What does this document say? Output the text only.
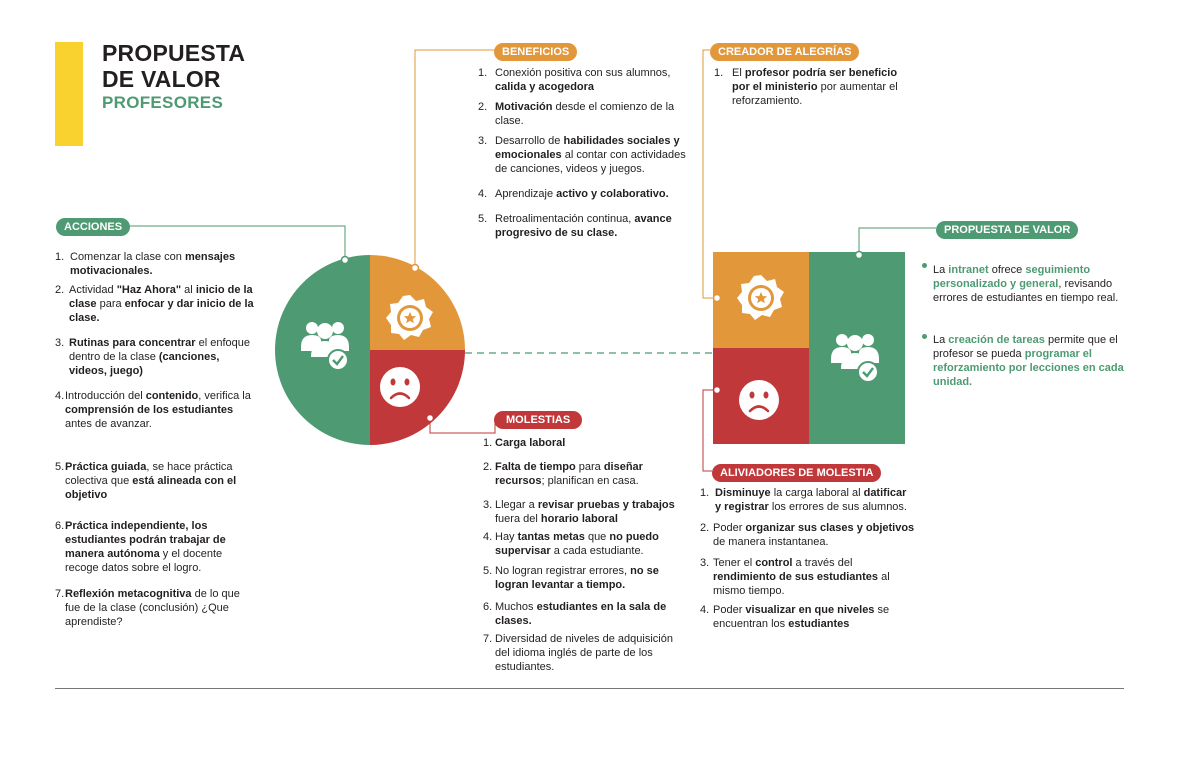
PROPUESTA
DE VALOR
PROFESORES
ACCIONES
BENEFICIOS
MOLESTIAS
CREADOR DE ALEGRÍAS
ALIVIADORES DE MOLESTIA
PROPUESTA DE VALOR
1. Comenzar la clase con mensajes motivacionales.
2. Actividad "Haz Ahora" al inicio de la clase para enfocar y dar inicio de la clase.
3. Rutinas para concentrar el enfoque dentro de la clase (canciones, videos, juego)
4. Introducción del contenido, verifica la comprensión de los estudiantes antes de avanzar.
5. Práctica guiada, se hace práctica colectiva que está alineada con el objetivo
6. Práctica independiente, los estudiantes podrán trabajar de manera autónoma y el docente recoge datos sobre el logro.
7. Reflexión metacognitiva de lo que fue de la clase (conclusión) ¿Que aprendiste?
1. Conexión positiva con sus alumnos, calida y acogedora
2. Motivación desde el comienzo de la clase.
3. Desarrollo de habilidades sociales y emocionales al contar con actividades de canciones, videos y juegos.
4. Aprendizaje activo y colaborativo.
5. Retroalimentación continua, avance progresivo de su clase.
1. Carga laboral
2. Falta de tiempo para diseñar recursos; planifican en casa.
3. Llegar a revisar pruebas y trabajos fuera del horario laboral
4. Hay tantas metas que no puedo supervisar a cada estudiante.
5. No logran registrar errores, no se logran levantar a tiempo.
6. Muchos estudiantes en la sala de clases.
7. Diversidad de niveles de adquisición del idioma inglés de parte de los estudiantes.
1. El profesor podría ser beneficio por el ministerio por aumentar el reforzamiento.
1. Disminuye la carga laboral al datificar y registrar los errores de sus alumnos.
2. Poder organizar sus clases y objetivos de manera instantanea.
3. Tener el control a través del rendimiento de sus estudiantes al mismo tiempo.
4. Poder visualizar en que niveles se encuentran los estudiantes
La intranet ofrece seguimiento personalizado y general, revisando errores de estudiantes en tiempo real.
La creación de tareas permite que el profesor se pueda programar el reforzamiento por lecciones en cada unidad.
